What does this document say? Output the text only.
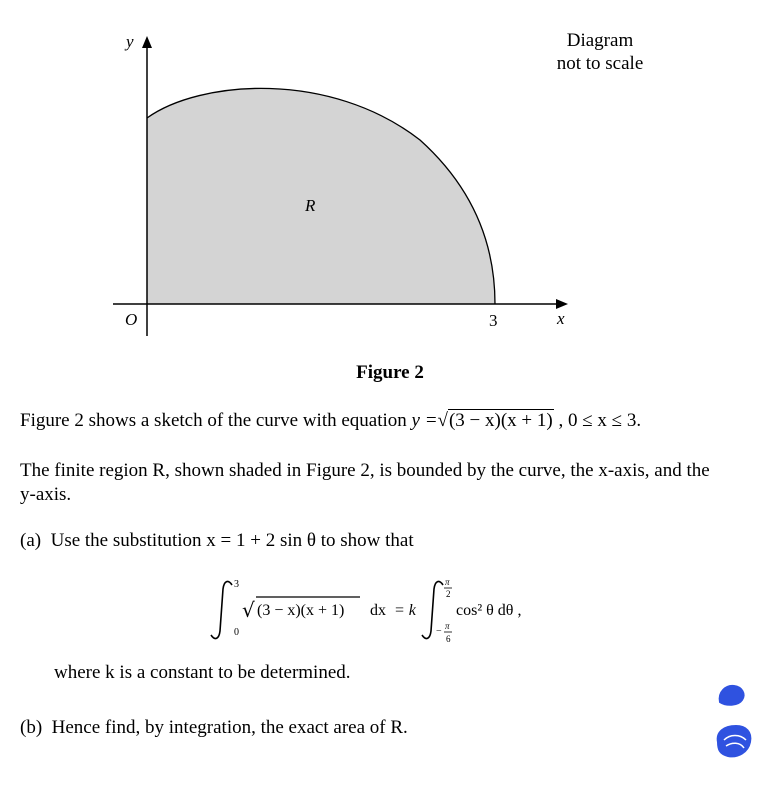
y
x
O	3
R
Diagram
not to scale
Figure 2
Figure 2 shows a sketch of the curve with equation y =√(3 − x)(x + 1) , 0 ≤ x ≤ 3.
The finite region R, shown shaded in Figure 2, is bounded by the curve, the x-axis, and the
y-axis.
(a) Use the substitution x = 1 + 2 sin θ to show that
3
0
√ (3 − x)(x + 1) dx = k
π
2
− π
6
cos² θ dθ ,
where k is a constant to be determined.
(b) Hence find, by integration, the exact area of R.
